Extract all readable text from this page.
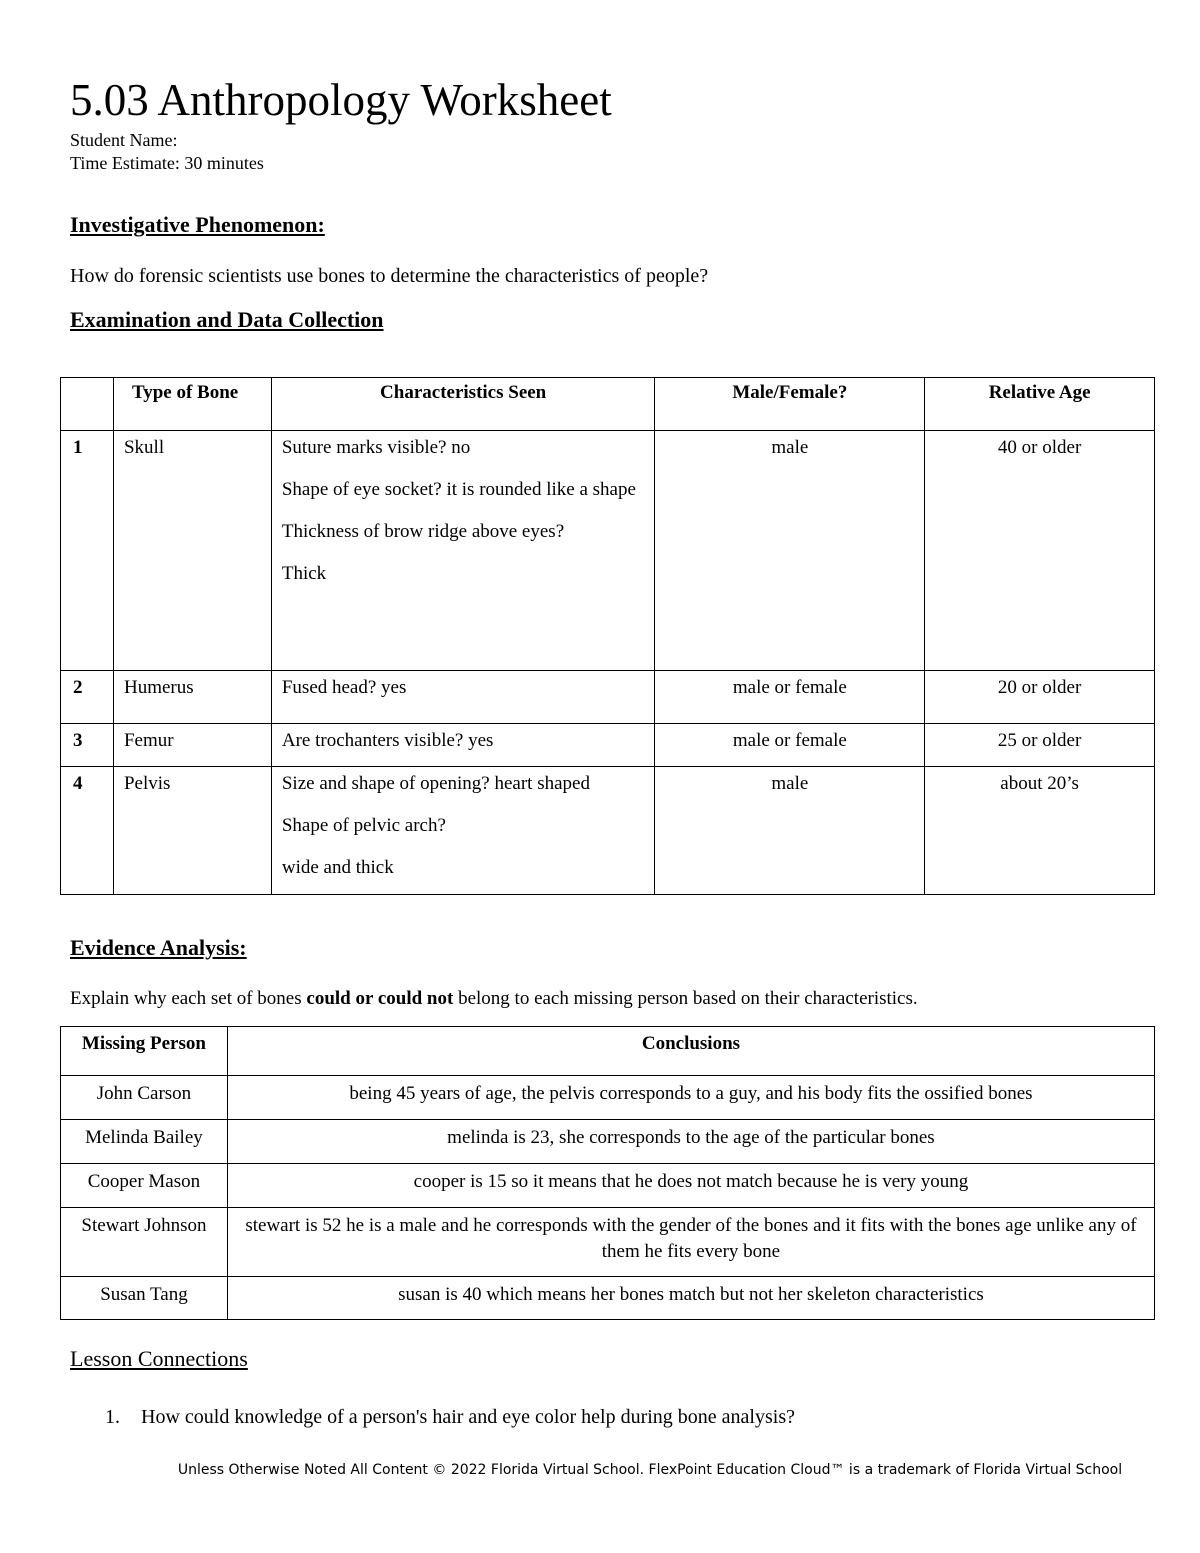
5.03 Anthropology Worksheet
Student Name:
Time Estimate: 30 minutes
Investigative Phenomenon:
How do forensic scientists use bones to determine the characteristics of people?
Examination and Data Collection
	Type of Bone	Characteristics Seen	Male/Female?	Relative Age
1	Skull	Suture marks visible? no

Shape of eye socket? it is rounded like a shape

Thickness of brow ridge above eyes?

Thick	male	40 or older
2	Humerus	Fused head? yes	male or female	20 or older
3	Femur	Are trochanters visible? yes	male or female	25 or older
4	Pelvis	Size and shape of opening? heart shaped

Shape of pelvic arch?

wide and thick	male	about 20’s
Evidence Analysis:
Explain why each set of bones could or could not belong to each missing person based on their characteristics.
Missing Person	Conclusions
John Carson	being 45 years of age, the pelvis corresponds to a guy, and his body fits the ossified bones
Melinda Bailey	melinda is 23, she corresponds to the age of the particular bones
Cooper Mason	cooper is 15 so it means that he does not match because he is very young
Stewart Johnson	stewart is 52 he is a male and he corresponds with the gender of the bones and it fits with the bones age unlike any of them he fits every bone
Susan Tang	susan is 40 which means her bones match but not her skeleton characteristics
Lesson Connections
1. How could knowledge of a person's hair and eye color help during bone analysis?
Unless Otherwise Noted All Content © 2022 Florida Virtual School. FlexPoint Education Cloud™ is a trademark of Florida Virtual School
